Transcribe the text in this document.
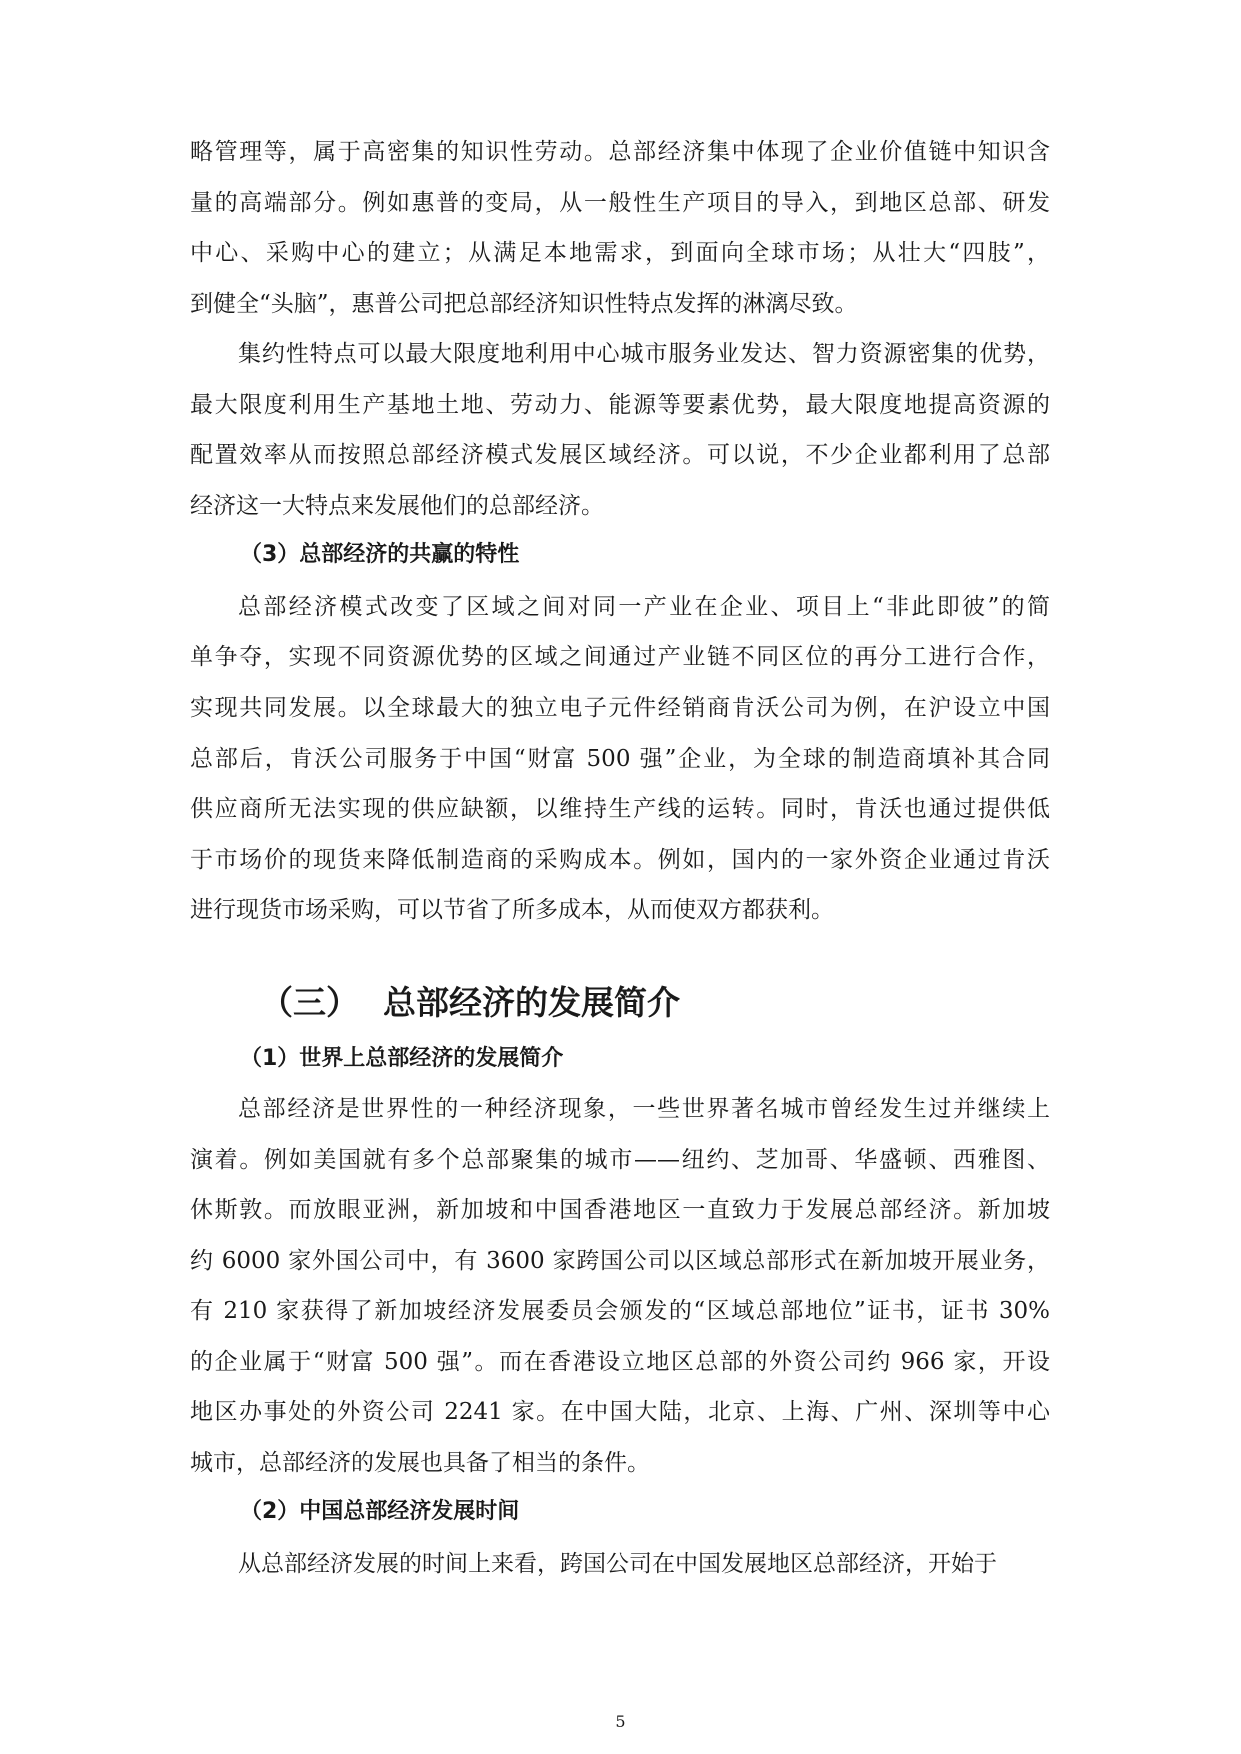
略管理等，属于高密集的知识性劳动。总部经济集中体现了企业价值链中知识含
量的高端部分。例如惠普的变局，从一般性生产项目的导入，到地区总部、研发
中心、采购中心的建立；从满足本地需求，到面向全球市场；从壮大“四肢”，
到健全“头脑”，惠普公司把总部经济知识性特点发挥的淋漓尽致。
集约性特点可以最大限度地利用中心城市服务业发达、智力资源密集的优势，
最大限度利用生产基地土地、劳动力、能源等要素优势，最大限度地提高资源的
配置效率从而按照总部经济模式发展区域经济。可以说，不少企业都利用了总部
经济这一大特点来发展他们的总部经济。
（3）总部经济的共赢的特性
总部经济模式改变了区域之间对同一产业在企业、项目上“非此即彼”的简
单争夺，实现不同资源优势的区域之间通过产业链不同区位的再分工进行合作，
实现共同发展。以全球最大的独立电子元件经销商肯沃公司为例，在沪设立中国
总部后，肯沃公司服务于中国“财富 500 强”企业，为全球的制造商填补其合同
供应商所无法实现的供应缺额，以维持生产线的运转。同时，肯沃也通过提供低
于市场价的现货来降低制造商的采购成本。例如，国内的一家外资企业通过肯沃
进行现货市场采购，可以节省了所多成本，从而使双方都获利。
（三） 总部经济的发展简介
（1）世界上总部经济的发展简介
总部经济是世界性的一种经济现象，一些世界著名城市曾经发生过并继续上
演着。例如美国就有多个总部聚集的城市——纽约、芝加哥、华盛顿、西雅图、
休斯敦。而放眼亚洲，新加坡和中国香港地区一直致力于发展总部经济。新加坡
约 6000 家外国公司中，有 3600 家跨国公司以区域总部形式在新加坡开展业务，
有 210 家获得了新加坡经济发展委员会颁发的“区域总部地位”证书，证书 30%
的企业属于“财富 500 强”。而在香港设立地区总部的外资公司约 966 家，开设
地区办事处的外资公司 2241 家。在中国大陆，北京、上海、广州、深圳等中心
城市，总部经济的发展也具备了相当的条件。
（2）中国总部经济发展时间
从总部经济发展的时间上来看，跨国公司在中国发展地区总部经济，开始于
5
